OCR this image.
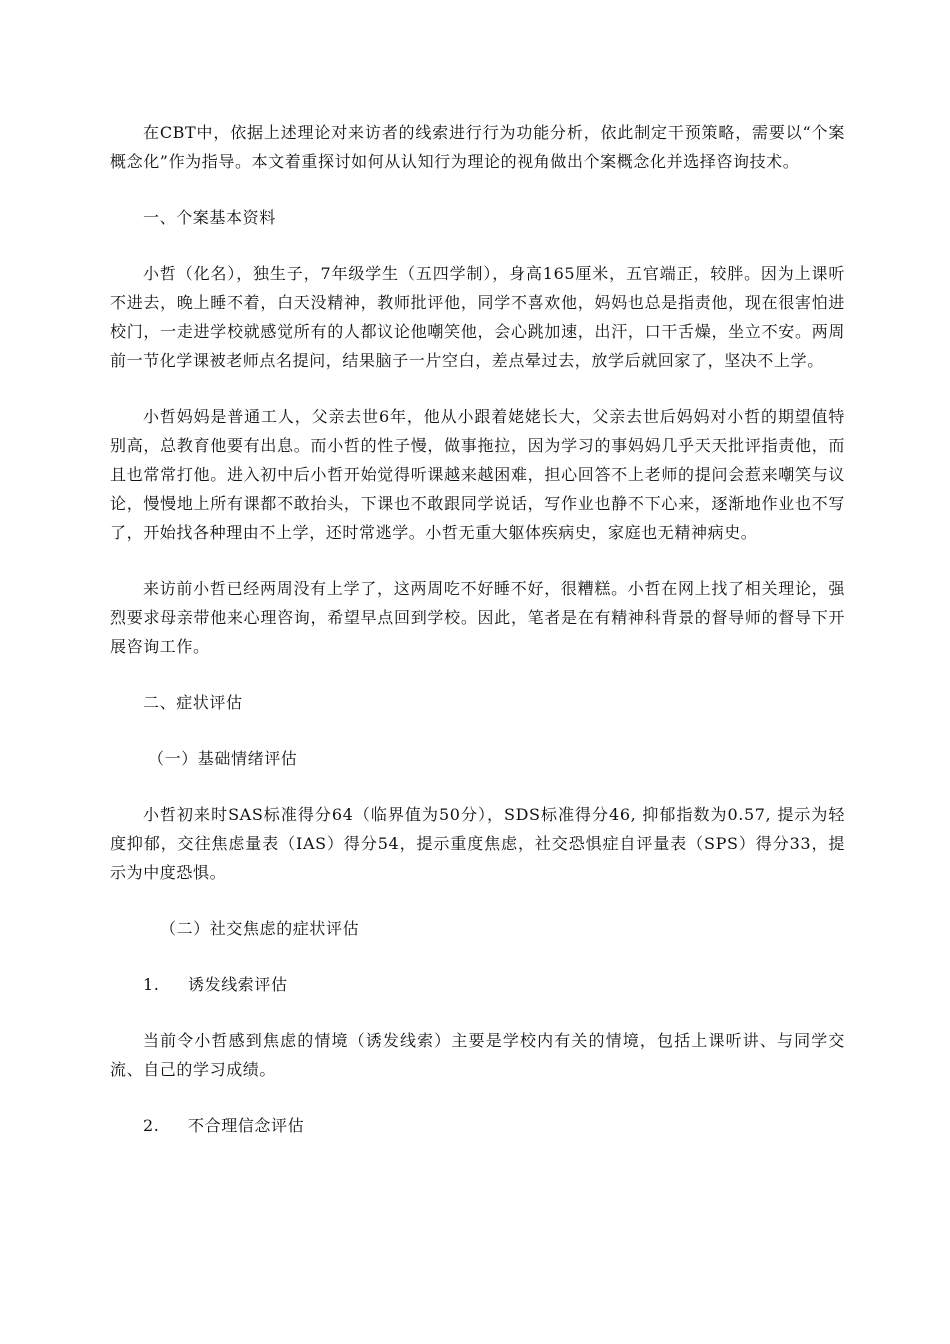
在CBT中，依据上述理论对来访者的线索进行行为功能分析，依此制定干预策略，需要以“个案概念化”作为指导。本文着重探讨如何从认知行为理论的视角做出个案概念化并选择咨询技术。

一、个案基本资料

小哲（化名），独生子，7年级学生（五四学制），身高165厘米，五官端正，较胖。因为上课听不进去，晚上睡不着，白天没精神，教师批评他，同学不喜欢他，妈妈也总是指责他，现在很害怕进校门，一走进学校就感觉所有的人都议论他嘲笑他，会心跳加速，出汗，口干舌燥，坐立不安。两周前一节化学课被老师点名提问，结果脑子一片空白，差点晕过去，放学后就回家了，坚决不上学。

小哲妈妈是普通工人，父亲去世6年，他从小跟着姥姥长大，父亲去世后妈妈对小哲的期望值特别高，总教育他要有出息。而小哲的性子慢，做事拖拉，因为学习的事妈妈几乎天天批评指责他，而且也常常打他。进入初中后小哲开始觉得听课越来越困难，担心回答不上老师的提问会惹来嘲笑与议论，慢慢地上所有课都不敢抬头，下课也不敢跟同学说话，写作业也静不下心来，逐渐地作业也不写了，开始找各种理由不上学，还时常逃学。小哲无重大躯体疾病史，家庭也无精神病史。

来访前小哲已经两周没有上学了，这两周吃不好睡不好，很糟糕。小哲在网上找了相关理论，强烈要求母亲带他来心理咨询，希望早点回到学校。因此，笔者是在有精神科背景的督导师的督导下开展咨询工作。

二、症状评估

（一）基础情绪评估

小哲初来时SAS标准得分64（临界值为50分），SDS标准得分46, 抑郁指数为0.57, 提示为轻度抑郁，交往焦虑量表（IAS）得分54，提示重度焦虑，社交恐惧症自评量表（SPS）得分33，提示为中度恐惧。

（二）社交焦虑的症状评估

1. 诱发线索评估

当前令小哲感到焦虑的情境（诱发线索）主要是学校内有关的情境，包括上课听讲、与同学交流、自己的学习成绩。

2. 不合理信念评估
